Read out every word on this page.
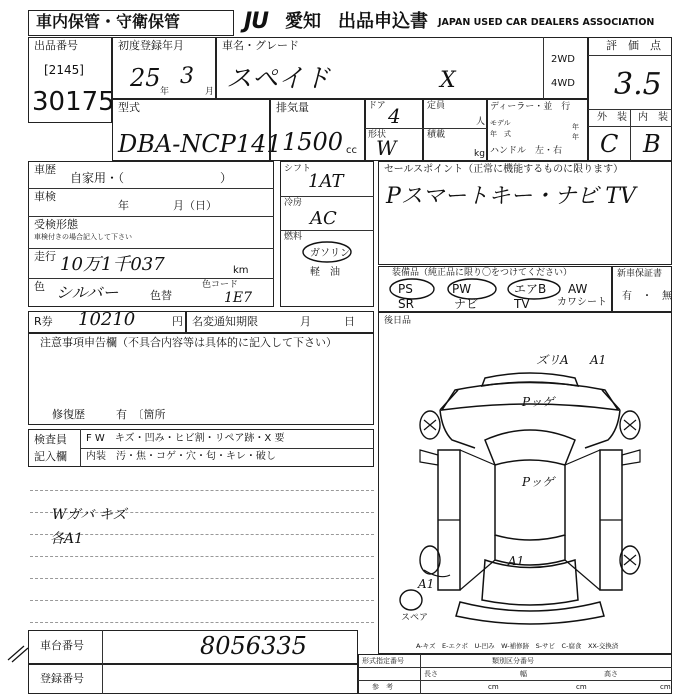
車内保管・守衛保管	JU 愛知 出品申込書 JAPAN USED CAR DEALERS ASSOCIATION
出品番号
[2145]
30175
初度登録年月
25 年
3
月
車名・グレード
スペイド	X
2WD
4WD
評　価　点
3.5
型式
DBA-NCP141
排気量
1500 cc
ドア 4
形状
W
定員
人
積載
kg
ディーラー・並　行
モデル	年
年　式	年
ハンドル　左・右
外　装 内　装
C B
車歴
自家用・（　　　　　　　　）
車検
年　　　　月（日）
受検形態
車検付きの場合記入して下さい
走行 10万1千037	km
色 シルバー	色替
色コード
1E7
R券 10210	円 名変通知期限	月　　　日
シフト
1AT
冷房
AC
燃料
ガソリン
軽　油
セールスポイント（正常に機能するものに限ります）
Pスマートキー・ナビ TV
装備品（純正品に限り〇をつけてください）
PS	PW	エアB AW
SR	ナビ	TV	カワシート
新車保証書
有　・　無
注意事項申告欄（不具合内容等は具体的に記入して下さい）
修復歴	有　〔箇所
検査員
記入欄
F W　キズ・凹み・ヒビ割・リペア跡・X 要
内装　汚・焦・コゲ・穴・匂・キレ・破し
Wガバ キズ
各A1
車台番号	8056335
登録番号
後日品
スペア
ズリA A1
Pッゲ
Pッゲ
A1
A1
A-キズ　E-エクボ　U-凹み　W-補修跡　S-サビ　C-腐食　XX-交換済
形式指定番号	類別区分番号
参　考
長さ	幅	高さ
cm	cm	cm
